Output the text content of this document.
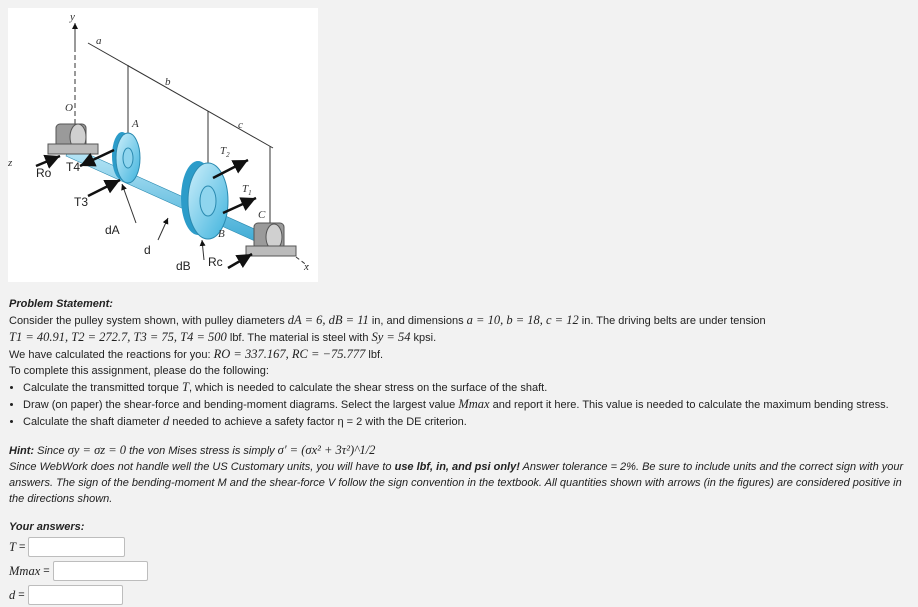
y
a
b
c
O
A
$T_2$
$T_1$
C
B
z
x
Ro T4
T3
dA
d
dB Rc
Problem Statement:
Consider the pulley system shown, with pulley diameters dA = 6, dB = 11 in, and dimensions a = 10, b = 18, c = 12 in. The driving belts are under tension
T1 = 40.91, T2 = 272.7, T3 = 75, T4 = 500 lbf. The material is steel with Sy = 54 kpsi.
We have calculated the reactions for you: RO = 337.167, RC = −75.777 lbf.
To complete this assignment, please do the following:
• Calculate the transmitted torque T, which is needed to calculate the shear stress on the surface of the shaft.
• Draw (on paper) the shear-force and bending-moment diagrams. Select the largest value Mmax and report it here. This value is needed to calculate the maximum bending stress.
• Calculate the shaft diameter d needed to achieve a safety factor η = 2 with the DE criterion.
Hint: Since σy = σz = 0 the von Mises stress is simply σ′ = (σx² + 3τ²)^1/2
Since WebWork does not handle well the US Customary units, you will have to use lbf, in, and psi only! Answer tolerance = 2%. Be sure to include units and the correct sign with your answers. The sign of the bending-moment M and the shear-force V follow the sign convention in the textbook. All quantities shown with arrows (in the figures) are considered positive in the directions shown.
Your answers:
T =
Mmax =
d =
